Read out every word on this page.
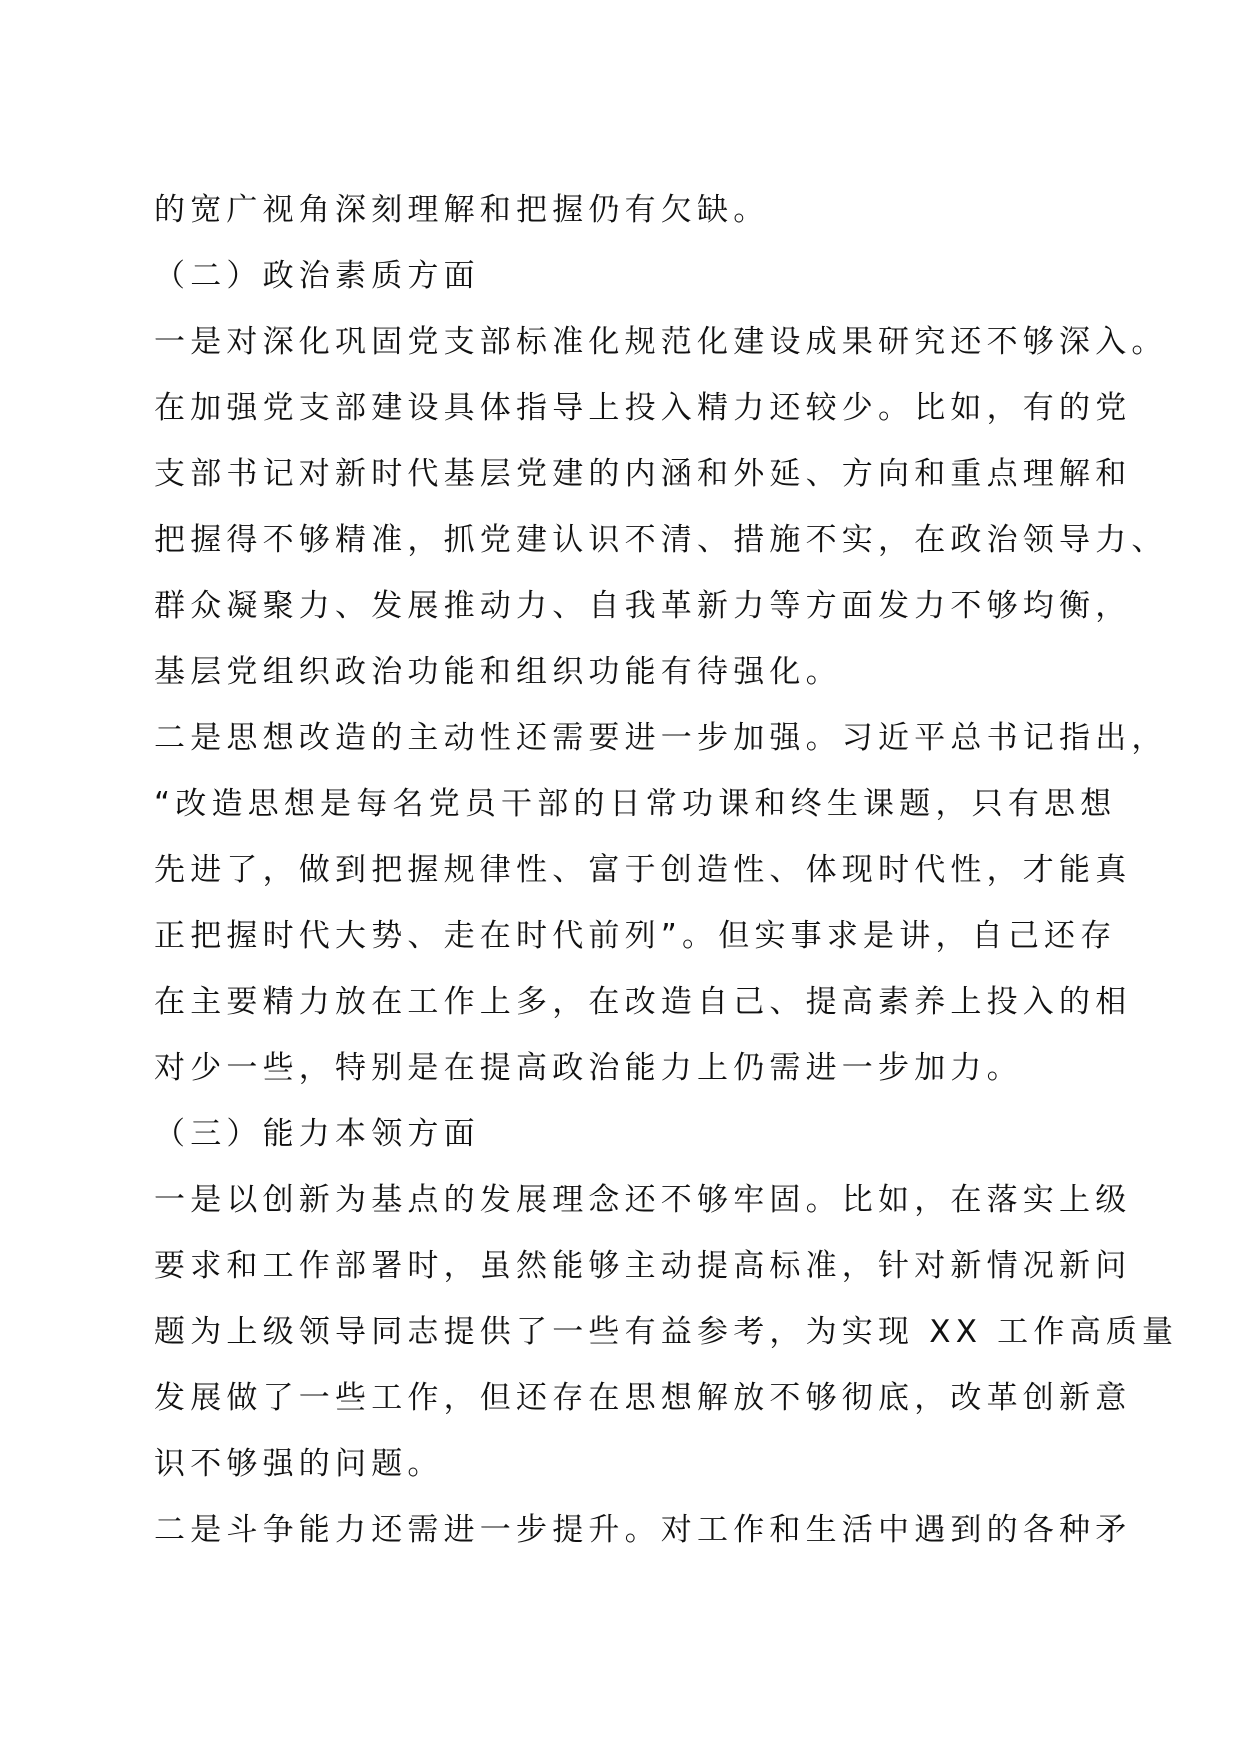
的宽广视角深刻理解和把握仍有欠缺。
（二）政治素质方面
一是对深化巩固党支部标准化规范化建设成果研究还不够深入。
在加强党支部建设具体指导上投入精力还较少。比如，有的党
支部书记对新时代基层党建的内涵和外延、方向和重点理解和
把握得不够精准，抓党建认识不清、措施不实，在政治领导力、
群众凝聚力、发展推动力、自我革新力等方面发力不够均衡，
基层党组织政治功能和组织功能有待强化。
二是思想改造的主动性还需要进一步加强。习近平总书记指出，
“改造思想是每名党员干部的日常功课和终生课题，只有思想
先进了，做到把握规律性、富于创造性、体现时代性，才能真
正把握时代大势、走在时代前列”。但实事求是讲，自己还存
在主要精力放在工作上多，在改造自己、提高素养上投入的相
对少一些，特别是在提高政治能力上仍需进一步加力。
（三）能力本领方面
一是以创新为基点的发展理念还不够牢固。比如，在落实上级
要求和工作部署时，虽然能够主动提高标准，针对新情况新问
题为上级领导同志提供了一些有益参考，为实现 XX 工作高质量
发展做了一些工作，但还存在思想解放不够彻底，改革创新意
识不够强的问题。
二是斗争能力还需进一步提升。对工作和生活中遇到的各种矛
